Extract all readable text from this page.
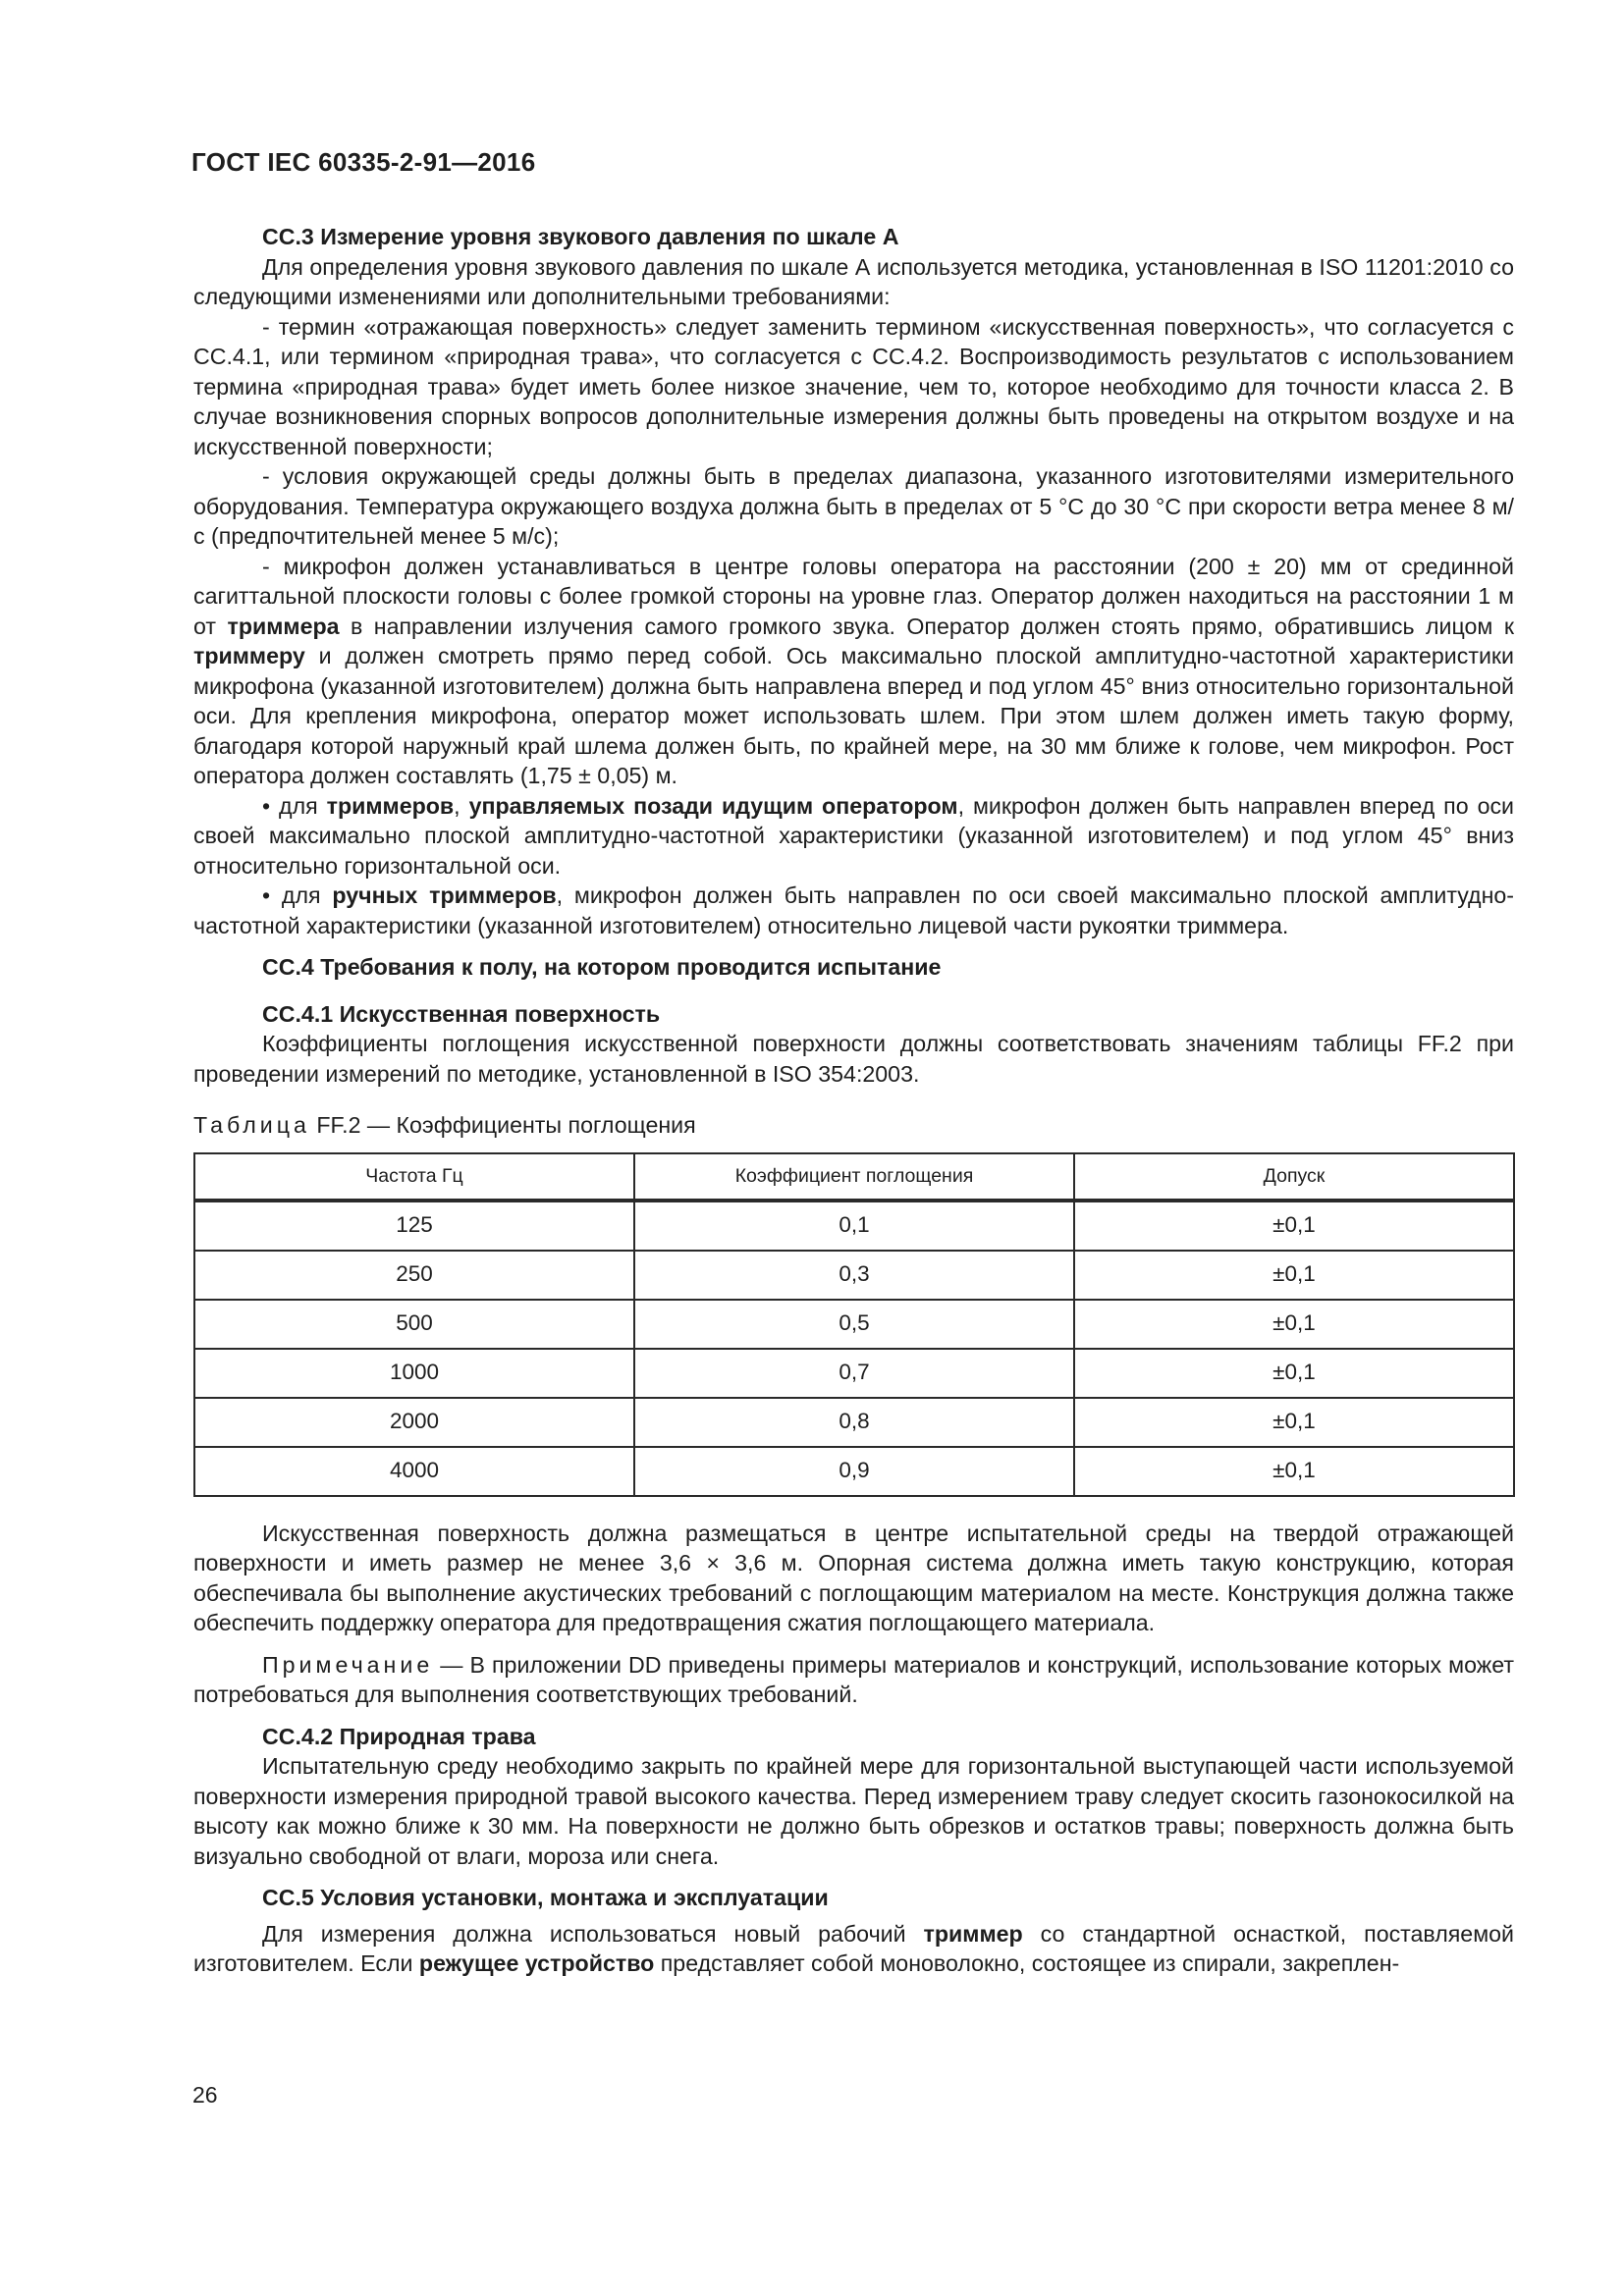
ГОСТ IEC 60335-2-91—2016

СС.3 Измерение уровня звукового давления по шкале А

Для определения уровня звукового давления по шкале А используется методика, установленная в ISO 11201:2010 со следующими изменениями или дополнительными требованиями:

- термин «отражающая поверхность» следует заменить термином «искусственная поверхность», что согласуется с СС.4.1, или термином «природная трава», что согласуется с СС.4.2. Воспроизводимость результатов с использованием термина «природная трава» будет иметь более низкое значение, чем то, которое необходимо для точности класса 2. В случае возникновения спорных вопросов дополнительные измерения должны быть проведены на открытом воздухе и на искусственной поверхности;

- условия окружающей среды должны быть в пределах диапазона, указанного изготовителями измерительного оборудования. Температура окружающего воздуха должна быть в пределах от 5 °С до 30 °С при скорости ветра менее 8 м/с (предпочтительней менее 5 м/с);

- микрофон должен устанавливаться в центре головы оператора на расстоянии (200 ± 20) мм от срединной сагиттальной плоскости головы с более громкой стороны на уровне глаз. Оператор должен находиться на расстоянии 1 м от триммера в направлении излучения самого громкого звука. Оператор должен стоять прямо, обратившись лицом к триммеру и должен смотреть прямо перед собой. Ось максимально плоской амплитудно-частотной характеристики микрофона (указанной изготовителем) должна быть направлена вперед и под углом 45° вниз относительно горизонтальной оси. Для крепления микрофона, оператор может использовать шлем. При этом шлем должен иметь такую форму, благодаря которой наружный край шлема должен быть, по крайней мере, на 30 мм ближе к голове, чем микрофон. Рост оператора должен составлять (1,75 ± 0,05) м.

• для триммеров, управляемых позади идущим оператором, микрофон должен быть направлен вперед по оси своей максимально плоской амплитудно-частотной характеристики (указанной изготовителем) и под углом 45° вниз относительно горизонтальной оси.

• для ручных триммеров, микрофон должен быть направлен по оси своей максимально плоской амплитудно-частотной характеристики (указанной изготовителем) относительно лицевой части рукоятки триммера.

СС.4 Требования к полу, на котором проводится испытание

СС.4.1 Искусственная поверхность

Коэффициенты поглощения искусственной поверхности должны соответствовать значениям таблицы FF.2 при проведении измерений по методике, установленной в ISO 354:2003.

Таблица FF.2 — Коэффициенты поглощения

Частота Гц	Коэффициент поглощения	Допуск
125	0,1	±0,1
250	0,3	±0,1
500	0,5	±0,1
1000	0,7	±0,1
2000	0,8	±0,1
4000	0,9	±0,1

Искусственная поверхность должна размещаться в центре испытательной среды на твердой отражающей поверхности и иметь размер не менее 3,6 × 3,6 м. Опорная система должна иметь такую конструкцию, которая обеспечивала бы выполнение акустических требований с поглощающим материалом на месте. Конструкция должна также обеспечить поддержку оператора для предотвращения сжатия поглощающего материала.

Примечание — В приложении DD приведены примеры материалов и конструкций, использование которых может потребоваться для выполнения соответствующих требований.

СС.4.2 Природная трава

Испытательную среду необходимо закрыть по крайней мере для горизонтальной выступающей части используемой поверхности измерения природной травой высокого качества. Перед измерением траву следует скосить газонокосилкой на высоту как можно ближе к 30 мм. На поверхности не должно быть обрезков и остатков травы; поверхность должна быть визуально свободной от влаги, мороза или снега.

СС.5 Условия установки, монтажа и эксплуатации

Для измерения должна использоваться новый рабочий триммер со стандартной оснасткой, поставляемой изготовителем. Если режущее устройство представляет собой моноволокно, состоящее из спирали, закреплен-

26
